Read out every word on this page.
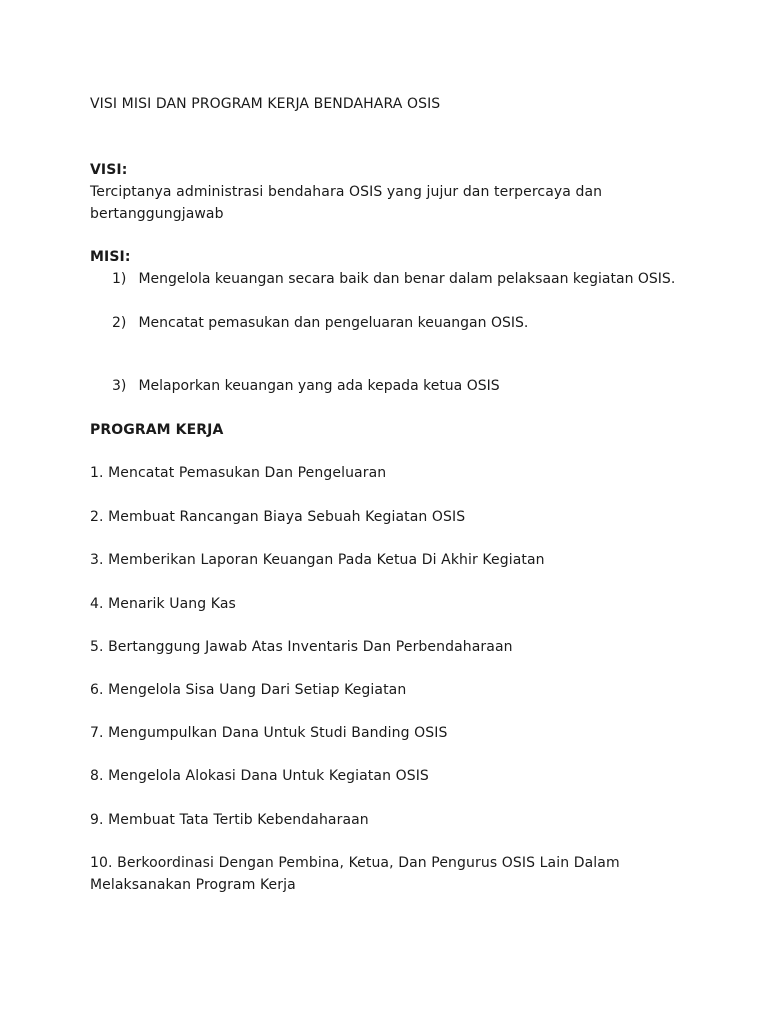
VISI MISI DAN PROGRAM KERJA BENDAHARA OSIS
VISI:
Terciptanya administrasi bendahara OSIS yang jujur dan terpercaya dan
bertanggungjawab
MISI:
1) Mengelola keuangan secara baik dan benar dalam pelaksaan kegiatan OSIS.
2) Mencatat pemasukan dan pengeluaran keuangan OSIS.
3) Melaporkan keuangan yang ada kepada ketua OSIS
PROGRAM KERJA
1. Mencatat Pemasukan Dan Pengeluaran
2. Membuat Rancangan Biaya Sebuah Kegiatan OSIS
3. Memberikan Laporan Keuangan Pada Ketua Di Akhir Kegiatan
4. Menarik Uang Kas
5. Bertanggung Jawab Atas Inventaris Dan Perbendaharaan
6. Mengelola Sisa Uang Dari Setiap Kegiatan
7. Mengumpulkan Dana Untuk Studi Banding OSIS
8. Mengelola Alokasi Dana Untuk Kegiatan OSIS
9. Membuat Tata Tertib Kebendaharaan
10. Berkoordinasi Dengan Pembina, Ketua, Dan Pengurus OSIS Lain Dalam
Melaksanakan Program Kerja
